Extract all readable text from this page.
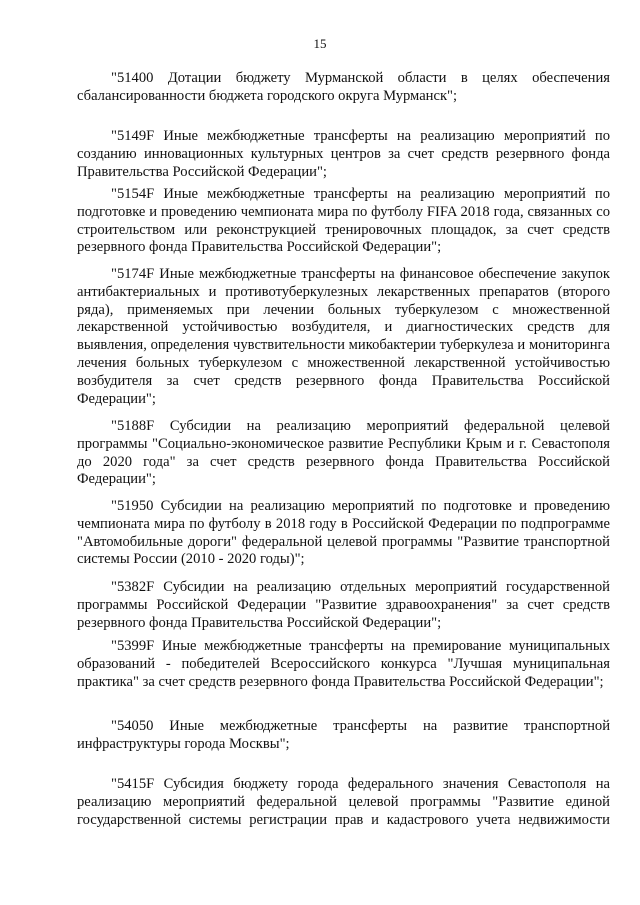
15

"51400 Дотации бюджету Мурманской области в целях обеспечения сбалансированности бюджета городского округа Мурманск";

"5149F Иные межбюджетные трансферты на реализацию мероприятий по созданию инновационных культурных центров за счет средств резервного фонда Правительства Российской Федерации";

"5154F Иные межбюджетные трансферты на реализацию мероприятий по подготовке и проведению чемпионата мира по футболу FIFA 2018 года, связанных со строительством или реконструкцией тренировочных площадок, за счет средств резервного фонда Правительства Российской Федерации";

"5174F Иные межбюджетные трансферты на финансовое обеспечение закупок антибактериальных и противотуберкулезных лекарственных препаратов (второго ряда), применяемых при лечении больных туберкулезом с множественной лекарственной устойчивостью возбудителя, и диагностических средств для выявления, определения чувствительности микобактерии туберкулеза и мониторинга лечения больных туберкулезом с множественной лекарственной устойчивостью возбудителя за счет средств резервного фонда Правительства Российской Федерации";

"5188F Субсидии на реализацию мероприятий федеральной целевой программы "Социально-экономическое развитие Республики Крым и г. Севастополя до 2020 года" за счет средств резервного фонда Правительства Российской Федерации";

"51950 Субсидии на реализацию мероприятий по подготовке и проведению чемпионата мира по футболу в 2018 году в Российской Федерации по подпрограмме "Автомобильные дороги" федеральной целевой программы "Развитие транспортной системы России (2010 - 2020 годы)";

"5382F Субсидии на реализацию отдельных мероприятий государственной программы Российской Федерации "Развитие здравоохранения" за счет средств резервного фонда Правительства Российской Федерации";

"5399F Иные межбюджетные трансферты на премирование муниципальных образований - победителей Всероссийского конкурса "Лучшая муниципальная практика" за счет средств резервного фонда Правительства Российской Федерации";

"54050 Иные межбюджетные трансферты на развитие транспортной инфраструктуры города Москвы";

"5415F Субсидия бюджету города федерального значения Севастополя на реализацию мероприятий федеральной целевой программы "Развитие единой государственной системы регистрации прав и кадастрового учета недвижимости
